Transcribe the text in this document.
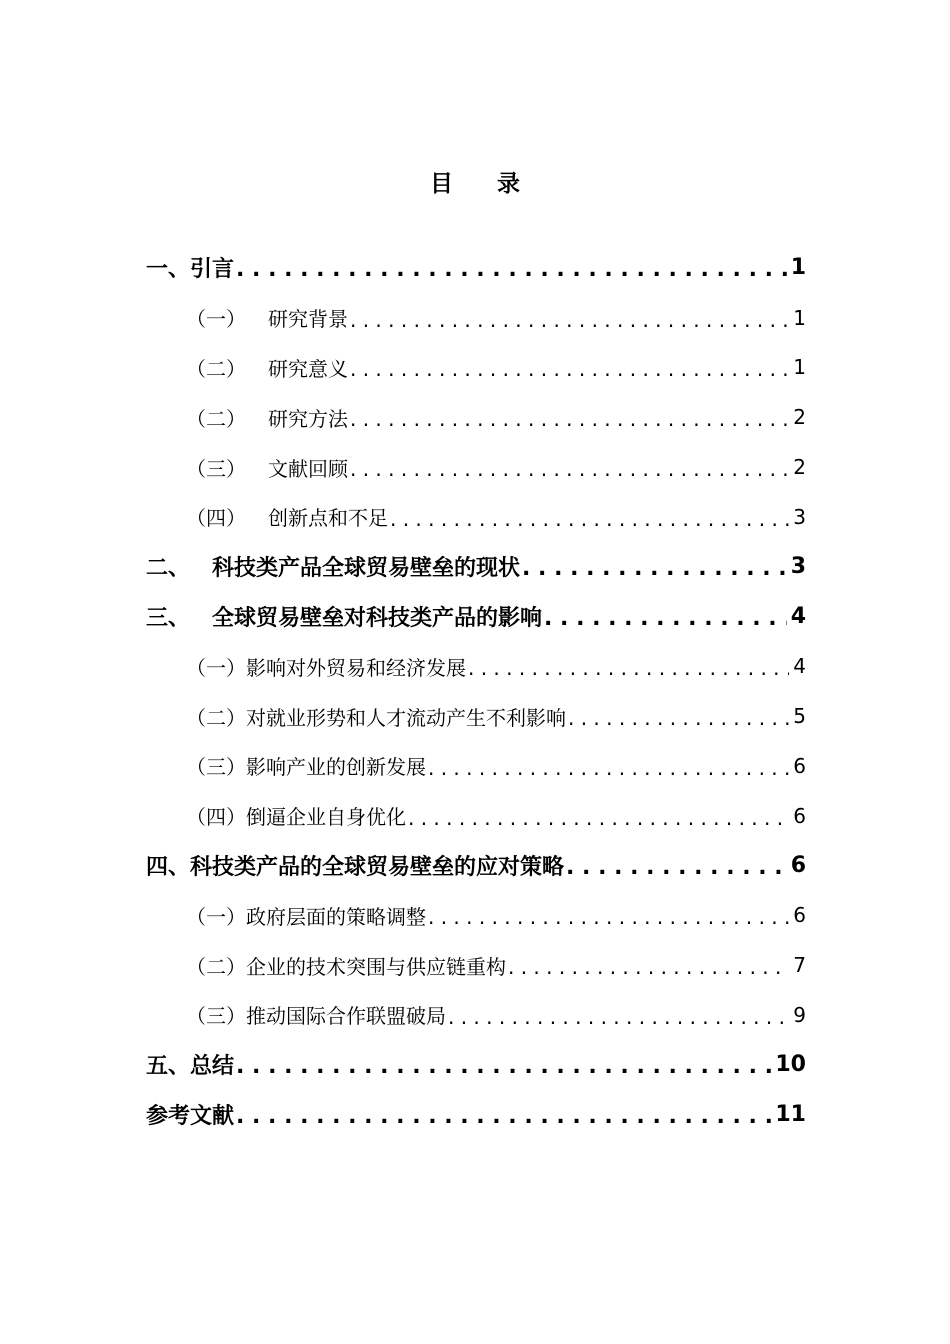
目 录
一、 引言 . . .	1
（一） 研究背景 . . .	1
（二） 研究意义 . . .	1
（二） 研究方法 . . .	2
（三） 文献回顾 . . .	2
（四） 创新点和不足 . . .	3
二、 科技类产品全球贸易壁垒的现状 . . .	3
三、 全球贸易壁垒对科技类产品的影响 . . .	4
（一） 影响对外贸易和经济发展 . . .	4
（二） 对就业形势和人才流动产生不利影响 . . .	5
（三） 影响产业的创新发展 . . .	6
（四） 倒逼企业自身优化 . . .	6
四、 科技类产品的全球贸易壁垒的应对策略 . . .	6
（一） 政府层面的策略调整 . . .	6
（二） 企业的技术突围与供应链重构 . . .	7
（三） 推动国际合作联盟破局 . . .	9
五、 总结 . . .	10
参考文献 . . .	11
